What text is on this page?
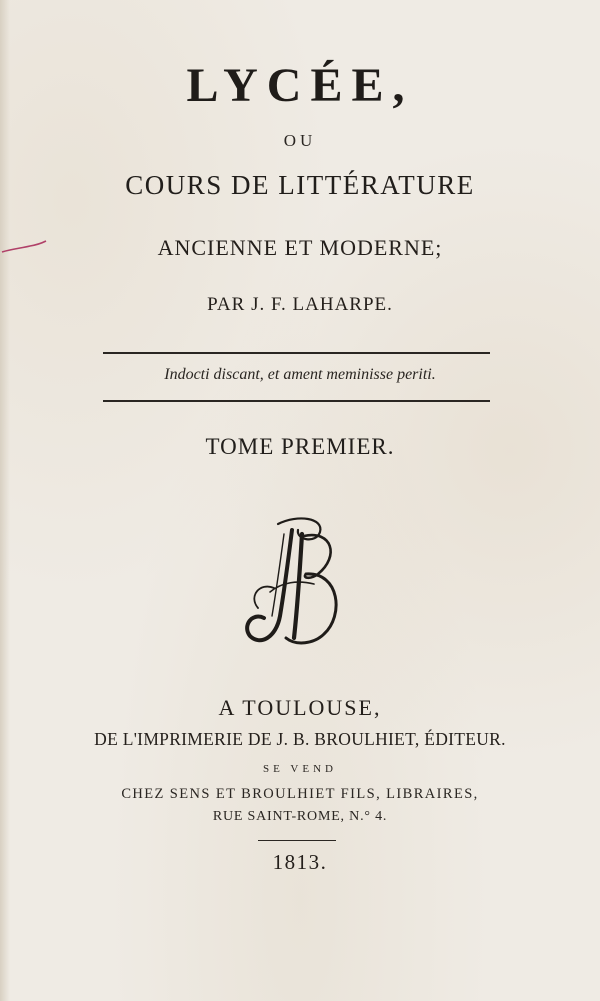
LYCÉE,
OU
COURS DE LITTÉRATURE
ANCIENNE ET MODERNE;
PAR J. F. LAHARPE.
Indocti discant, et ament meminisse periti.
TOME PREMIER.
A TOULOUSE,
DE L'IMPRIMERIE DE J. B. BROULHIET, ÉDITEUR.
SE VEND
CHEZ SENS ET BROULHIET FILS, LIBRAIRES,
RUE SAINT-ROME, N.° 4.
1813.
